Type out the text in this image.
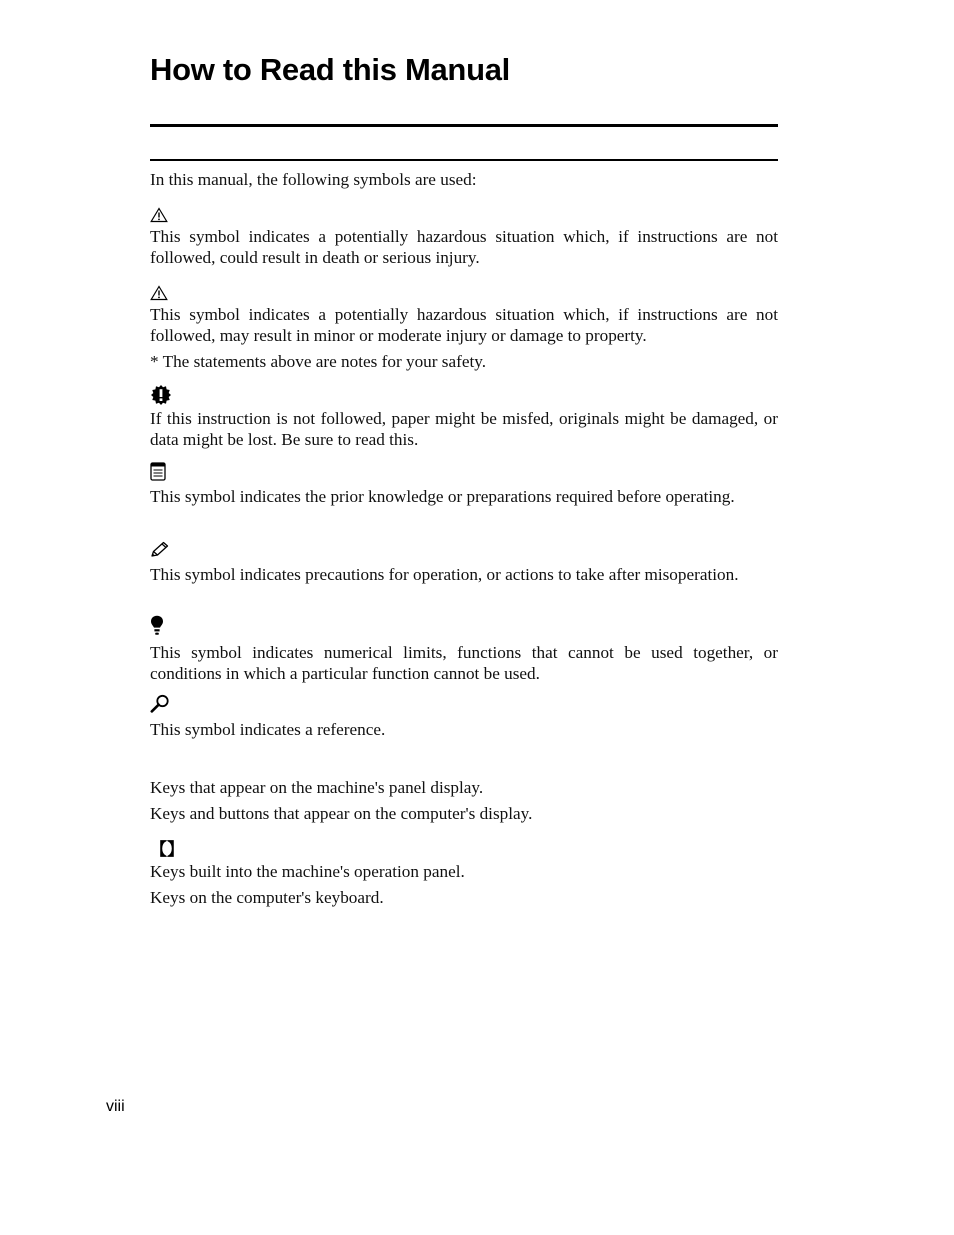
How to Read this Manual

In this manual, the following symbols are used:

This symbol indicates a potentially hazardous situation which, if instructions are not followed, could result in death or serious injury.

This symbol indicates a potentially hazardous situation which, if instructions are not followed, may result in minor or moderate injury or damage to property.

* The statements above are notes for your safety.

If this instruction is not followed, paper might be misfed, originals might be damaged, or data might be lost. Be sure to read this.

This symbol indicates the prior knowledge or preparations required before operating.

This symbol indicates precautions for operation, or actions to take after misoperation.

This symbol indicates numerical limits, functions that cannot be used together, or conditions in which a particular function cannot be used.

This symbol indicates a reference.

Keys that appear on the machine's panel display.

Keys and buttons that appear on the computer's display.

【】

Keys built into the machine's operation panel.

Keys on the computer's keyboard.

viii
